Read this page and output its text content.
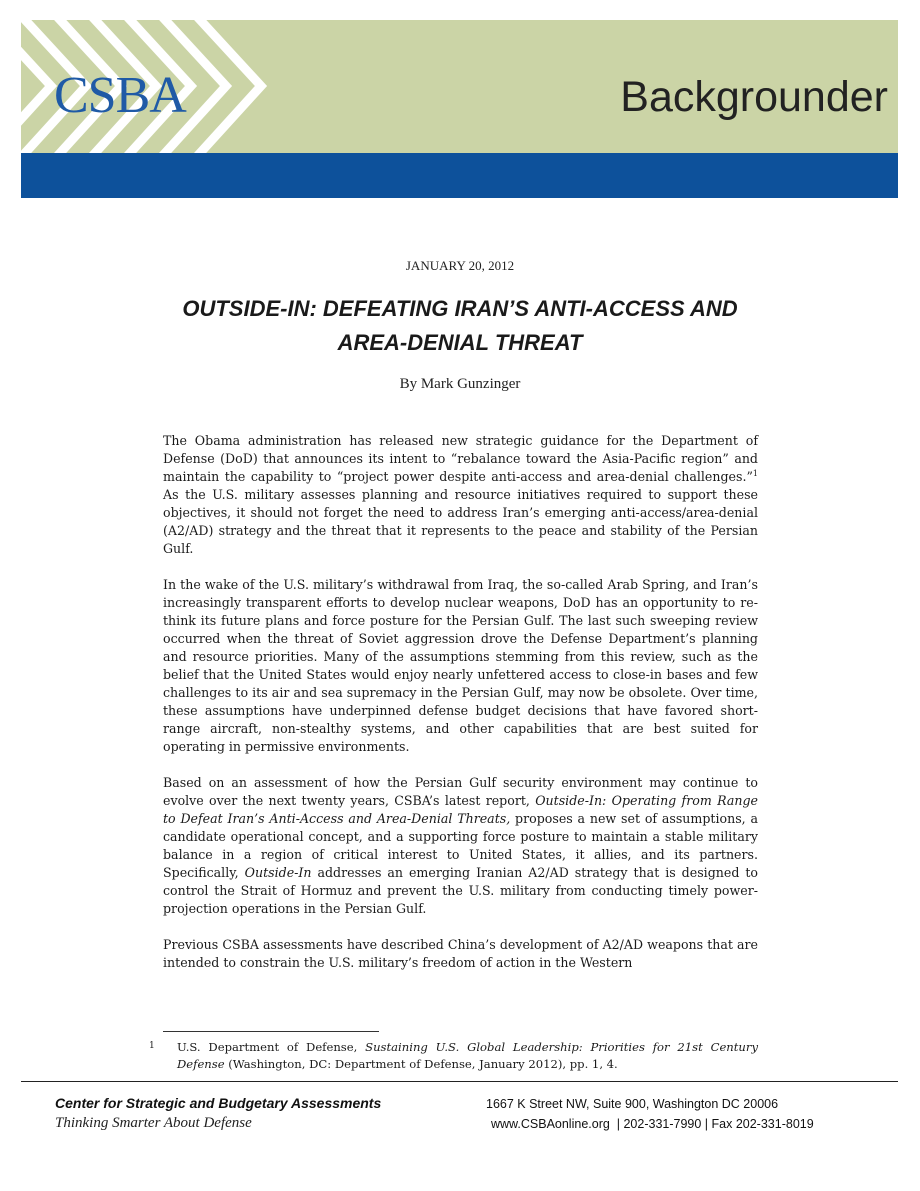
CSBA	Backgrounder
JANUARY 20, 2012
OUTSIDE-IN: DEFEATING IRAN’S ANTI-ACCESS AND
AREA-DENIAL THREAT
By Mark Gunzinger

The Obama administration has released new strategic guidance for the Department of Defense (DoD) that announces its intent to “rebalance toward the Asia-Pacific region” and maintain the capability to “project power despite anti-access and area-denial challenges.”$^1$ As the U.S. military assesses planning and resource initiatives required to support these objectives, it should not forget the need to address Iran’s emerging anti-access/area-denial (A2/AD) strategy and the threat that it represents to the peace and stability of the Persian Gulf.

In the wake of the U.S. military’s withdrawal from Iraq, the so-called Arab Spring, and Iran’s increasingly transparent efforts to develop nuclear weapons, DoD has an opportunity to re-think its future plans and force posture for the Persian Gulf. The last such sweeping review occurred when the threat of Soviet aggression drove the Defense Department’s planning and resource priorities. Many of the assumptions stemming from this review, such as the belief that the United States would enjoy nearly unfettered access to close-in bases and few challenges to its air and sea supremacy in the Persian Gulf, may now be obsolete. Over time, these assumptions have underpinned defense budget decisions that have favored short-range aircraft, non-stealthy systems, and other capabilities that are best suited for operating in permissive environments.

Based on an assessment of how the Persian Gulf security environment may continue to evolve over the next twenty years, CSBA’s latest report, Outside-In: Operating from Range to Defeat Iran’s Anti-Access and Area-Denial Threats, proposes a new set of assumptions, a candidate operational concept, and a supporting force posture to maintain a stable military balance in a region of critical interest to United States, it allies, and its partners. Specifically, Outside-In addresses an emerging Iranian A2/AD strategy that is designed to control the Strait of Hormuz and prevent the U.S. military from conducting timely power-projection operations in the Persian Gulf.

Previous CSBA assessments have described China’s development of A2/AD weapons that are intended to constrain the U.S. military’s freedom of action in the Western

1 U.S. Department of Defense, Sustaining U.S. Global Leadership: Priorities for 21st Century Defense (Washington, DC: Department of Defense, January 2012), pp. 1, 4.
Center for Strategic and Budgetary Assessments
Thinking Smarter About Defense
1667 K Street NW, Suite 900, Washington DC 20006
www.CSBAonline.org  | 202-331-7990 | Fax 202-331-8019
